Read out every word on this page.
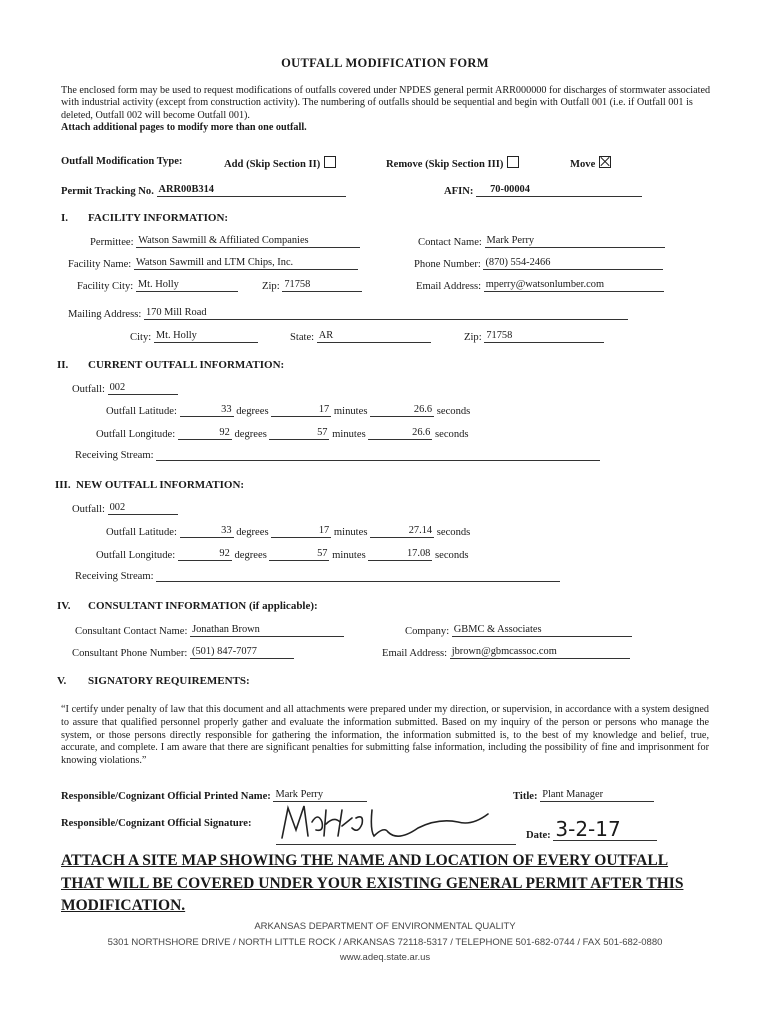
OUTFALL MODIFICATION FORM
The enclosed form may be used to request modifications of outfalls covered under NPDES general permit ARR000000 for discharges of stormwater associated with industrial activity (except from construction activity). The numbering of outfalls should be sequential and begin with Outfall 001 (i.e. if Outfall 001 is deleted, Outfall 002 will become Outfall 001).
Attach additional pages to modify more than one outfall.
Outfall Modification Type:	Add (Skip Section II)	Remove (Skip Section III)	Move
Permit Tracking No. ARR00B314	AFIN: 70-00004
I. FACILITY INFORMATION:
Permittee: Watson Sawmill & Affiliated Companies	Contact Name: Mark Perry
Facility Name: Watson Sawmill and LTM Chips, Inc.	Phone Number: (870) 554-2466
Facility City: Mt. Holly	Zip: 71758	Email Address: mperry@watsonlumber.com
Mailing Address: 170 Mill Road
City: Mt. Holly	State: AR	Zip: 71758
II. CURRENT OUTFALL INFORMATION:
Outfall: 002
Outfall Latitude:	33 degrees	17 minutes	26.6 seconds
Outfall Longitude:	92 degrees	57 minutes	26.6 seconds
Receiving Stream:
III. NEW OUTFALL INFORMATION:
Outfall: 002
Outfall Latitude:	33 degrees	17 minutes	27.14 seconds
Outfall Longitude:	92 degrees	57 minutes	17.08 seconds
Receiving Stream:
IV. CONSULTANT INFORMATION (if applicable):
Consultant Contact Name: Jonathan Brown	Company: GBMC & Associates
Consultant Phone Number: (501) 847-7077	Email Address: jbrown@gbmcassoc.com
V. SIGNATORY REQUIREMENTS:
“I certify under penalty of law that this document and all attachments were prepared under my direction, or supervision, in accordance with a system designed to assure that qualified personnel properly gather and evaluate the information submitted. Based on my inquiry of the person or persons who manage the system, or those persons directly responsible for gathering the information, the information submitted is, to the best of my knowledge and belief, true, accurate, and complete. I am aware that there are significant penalties for submitting false information, including the possibility of fine and imprisonment for knowing violations.”
Responsible/Cognizant Official Printed Name: Mark Perry	Title: Plant Manager
Responsible/Cognizant Official Signature:
Date: 3-2-17
ATTACH A SITE MAP SHOWING THE NAME AND LOCATION OF EVERY OUTFALL THAT WILL BE COVERED UNDER YOUR EXISTING GENERAL PERMIT AFTER THIS MODIFICATION.
ARKANSAS DEPARTMENT OF ENVIRONMENTAL QUALITY
5301 NORTHSHORE DRIVE / NORTH LITTLE ROCK / ARKANSAS 72118-5317 / TELEPHONE 501-682-0744 / FAX 501-682-0880
www.adeq.state.ar.us
